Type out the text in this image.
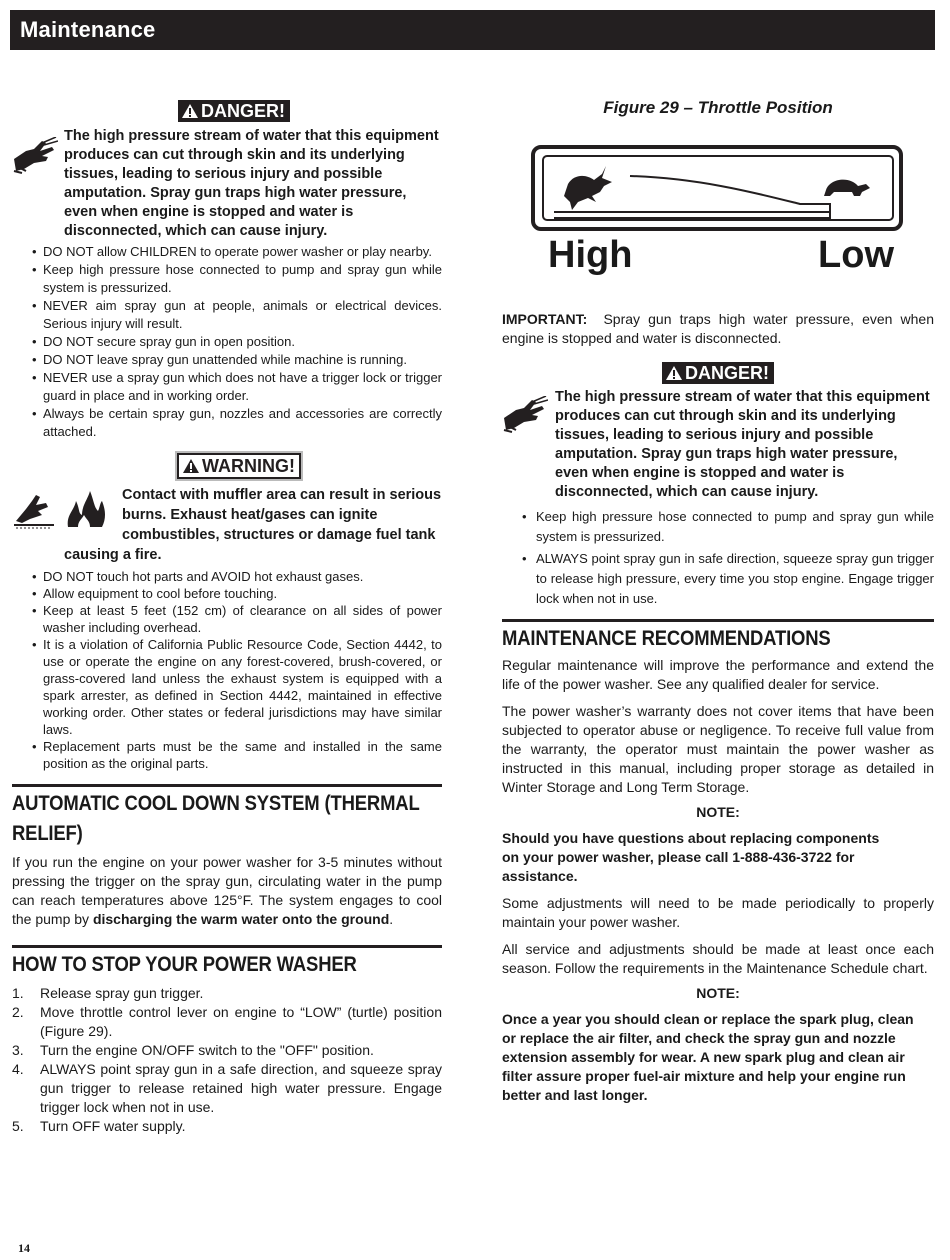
Maintenance
DANGER!
The high pressure stream of water that this equipment produces can cut through skin and its underlying tissues, leading to serious injury and possible amputation. Spray gun traps high water pressure, even when engine is stopped and water is disconnected, which can cause injury.
• DO NOT allow CHILDREN to operate power washer or play nearby.
• Keep high pressure hose connected to pump and spray gun while system is pressurized.
• NEVER aim spray gun at people, animals or electrical devices. Serious injury will result.
• DO NOT secure spray gun in open position.
• DO NOT leave spray gun unattended while machine is running.
• NEVER use a spray gun which does not have a trigger lock or trigger guard in place and in working order.
• Always be certain spray gun, nozzles and accessories are correctly attached.
WARNING!
Contact with muffler area can result in serious burns. Exhaust heat/gases can ignite combustibles, structures or damage fuel tank
causing a fire.
• DO NOT touch hot parts and AVOID hot exhaust gases.
• Allow equipment to cool before touching.
• Keep at least 5 feet (152 cm) of clearance on all sides of power washer including overhead.
• It is a violation of California Public Resource Code, Section 4442, to use or operate the engine on any forest-covered, brush-covered, or grass-covered land unless the exhaust system is equipped with a spark arrester, as defined in Section 4442, maintained in effective working order. Other states or federal jurisdictions may have similar laws.
• Replacement parts must be the same and installed in the same position as the original parts.
AUTOMATIC COOL DOWN SYSTEM (THERMAL
RELIEF)

If you run the engine on your power washer for 3-5 minutes without pressing the trigger on the spray gun, circulating water in the pump can reach temperatures above 125°F. The system engages to cool the pump by discharging the warm water onto the ground.

HOW TO STOP YOUR POWER WASHER
1. Release spray gun trigger.
2. Move throttle control lever on engine to “LOW” (turtle) position (Figure 29).
3. Turn the engine ON/OFF switch to the "OFF" position.
4. ALWAYS point spray gun in a safe direction, and squeeze spray gun trigger to release retained high water pressure. Engage trigger lock when not in use.
5. Turn OFF water supply.
Figure 29 – Throttle Position
High	Low

IMPORTANT: Spray gun traps high water pressure, even when engine is stopped and water is disconnected.

DANGER!
The high pressure stream of water that this equipment produces can cut through skin and its underlying tissues, leading to serious injury and possible amputation. Spray gun traps high water pressure, even when engine is stopped and water is disconnected, which can cause injury.
• Keep high pressure hose connected to pump and spray gun while system is pressurized.
• ALWAYS point spray gun in safe direction, squeeze spray gun trigger to release high pressure, every time you stop engine. Engage trigger lock when not in use.
MAINTENANCE RECOMMENDATIONS

Regular maintenance will improve the performance and extend the life of the power washer. See any qualified dealer for service.

The power washer’s warranty does not cover items that have been subjected to operator abuse or negligence. To receive full value from the warranty, the operator must maintain the power washer as instructed in this manual, including proper storage as detailed in Winter Storage and Long Term Storage.

NOTE:

Should you have questions about replacing components on your power washer, please call 1-888-436-3722 for assistance.

Some adjustments will need to be made periodically to properly maintain your power washer.

All service and adjustments should be made at least once each season. Follow the requirements in the Maintenance Schedule chart.

NOTE:

Once a year you should clean or replace the spark plug, clean or replace the air filter, and check the spray gun and nozzle extension assembly for wear. A new spark plug and clean air filter assure proper fuel-air mixture and help your engine run better and last longer.

14
